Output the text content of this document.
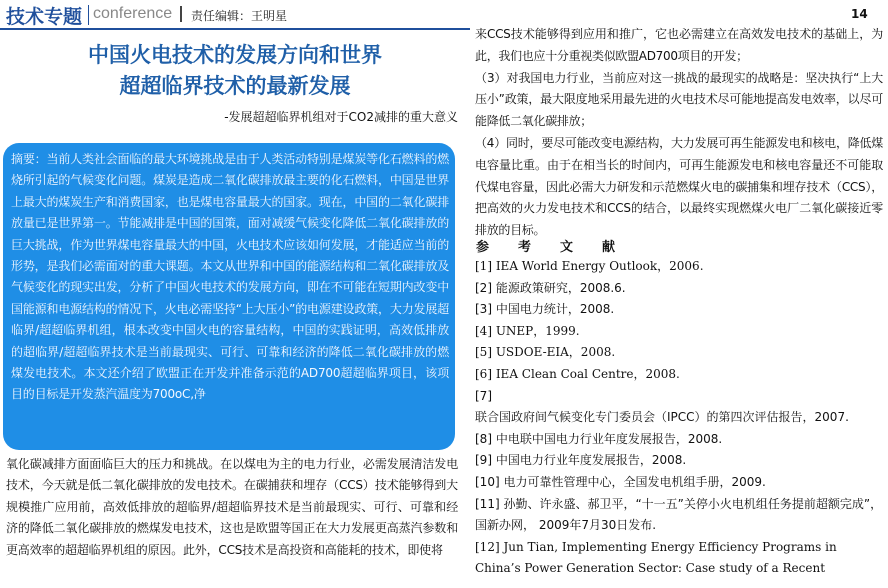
技术专题 conference 责任编辑：王明星	14
中国火电技术的发展方向和世界
超超临界技术的最新发展
-发展超超临界机组对于CO2减排的重大意义
摘要：当前人类社会面临的最大环境挑战是由于人类活动特别是煤炭等化石燃料的燃烧所引起的气候变化问题。煤炭是造成二氧化碳排放最主要的化石燃料，中国是世界上最大的煤炭生产和消费国家，也是煤电容量最大的国家。现在，中国的二氧化碳排放量已是世界第一。节能减排是中国的国策，面对减缓气候变化降低二氧化碳排放的巨大挑战，作为世界煤电容量最大的中国，火电技术应该如何发展，才能适应当前的形势，是我们必需面对的重大课题。本文从世界和中国的能源结构和二氧化碳排放及气候变化的现实出发，分析了中国火电技术的发展方向，即在不可能在短期内改变中国能源和电源结构的情况下，火电必需坚持“上大压小”的电源建设政策，大力发展超临界/超超临界机组，根本改变中国火电的容量结构，中国的实践证明，高效低排放的超临界/超超临界技术是当前最现实、可行、可靠和经济的降低二氧化碳排放的燃煤发电技术。本文还介绍了欧盟正在开发并准备示范的AD700超超临界项目，该项目的目标是开发蒸汽温度为700oC,净
氧化碳减排方面面临巨大的压力和挑战。在以煤电为主的电力行业，必需发展清洁发电技术，今天就是低二氧化碳排放的发电技术。在碳捕获和埋存（CCS）技术能够得到大规模推广应用前，高效低排放的超临界/超超临界技术是当前最现实、可行、可靠和经济的降低二氧化碳排放的燃煤发电技术，这也是欧盟等国正在大力发展更高蒸汽参数和更高效率的超超临界机组的原因。此外，CCS技术是高投资和高能耗的技术，即使将

来CCS技术能够得到应用和推广，它也必需建立在高效发电技术的基础上，为此，我们也应十分重视类似欧盟AD700项目的开发；

（3）对我国电力行业，当前应对这一挑战的最现实的战略是：坚决执行“上大压小”政策，最大限度地采用最先进的火电技术尽可能地提高发电效率，以尽可能降低二氧化碳排放；

（4）同时，要尽可能改变电源结构，大力发展可再生能源发电和核电，降低煤电容量比重。由于在相当长的时间内，可再生能源发电和核电容量还不可能取代煤电容量，因此必需大力研发和示范燃煤火电的碳捕集和埋存技术（CCS），把高效的火力发电技术和CCS的结合，以最终实现燃煤火电厂二氧化碳接近零排放的目标。

参　考　文　献

[1] IEA World Energy Outlook，2006.

[2] 能源政策研究，2008.6.

[3] 中国电力统计，2008.

[4] UNEP，1999.

[5] USDOE-EIA，2008.

[6] IEA Clean Coal Centre，2008.

[7]

联合国政府间气候变化专门委员会（IPCC）的第四次评估报告，2007.

[8] 中电联中国电力行业年度发展报告，2008.

[9] 中国电力行业年度发展报告，2008.

[10] 电力可靠性管理中心，全国发电机组手册，2009.

[11] 孙勤、许永盛、郝卫平，“十一五”关停小火电机组任务提前超额完成”，国新办网， 2009年7月30日发布.

[12] Jun Tian, Implementing Energy Efficiency Programs in China’s Power Generation Sector: Case study of a Recent
